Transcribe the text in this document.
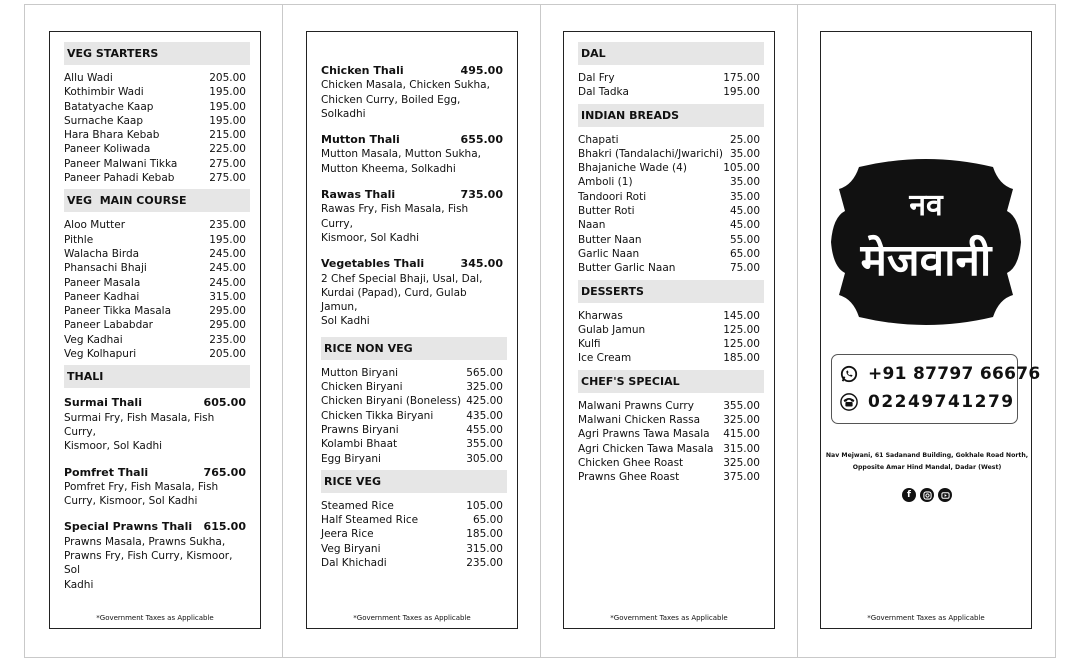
VEG STARTERS
Allu Wadi	205.00
Kothimbir Wadi	195.00
Batatyache Kaap	195.00
Surnache Kaap	195.00
Hara Bhara Kebab	215.00
Paneer Koliwada	225.00
Paneer Malwani Tikka	275.00
Paneer Pahadi Kebab	275.00
VEG  MAIN COURSE
Aloo Mutter	235.00
Pithle	195.00
Walacha Birda	245.00
Phansachi Bhaji	245.00
Paneer Masala	245.00
Paneer Kadhai	315.00
Paneer Tikka Masala	295.00
Paneer Lababdar	295.00
Veg Kadhai	235.00
Veg Kolhapuri	205.00
THALI
Surmai Thali	605.00
Surmai Fry, Fish Masala, Fish Curry,
Kismoor, Sol Kadhi
Pomfret Thali	765.00
Pomfret Fry, Fish Masala, Fish
Curry, Kismoor, Sol Kadhi
Special Prawns Thali 615.00
Prawns Masala, Prawns Sukha,
Prawns Fry, Fish Curry, Kismoor, Sol
Kadhi
*Government Taxes as Applicable
Chicken Thali	495.00
Chicken Masala, Chicken Sukha,
Chicken Curry, Boiled Egg, Solkadhi
Mutton Thali	655.00
Mutton Masala, Mutton Sukha,
Mutton Kheema, Solkadhi
Rawas Thali	735.00
Rawas Fry, Fish Masala, Fish Curry,
Kismoor, Sol Kadhi
Vegetables Thali	345.00
2 Chef Special Bhaji, Usal, Dal,
Kurdai (Papad), Curd, Gulab Jamun,
Sol Kadhi
RICE NON VEG
Mutton Biryani	565.00
Chicken Biryani	325.00
Chicken Biryani (Boneless) 425.00
Chicken Tikka Biryani	435.00
Prawns Biryani	455.00
Kolambi Bhaat	355.00
Egg Biryani	305.00
RICE VEG
Steamed Rice	105.00
Half Steamed Rice	65.00
Jeera Rice	185.00
Veg Biryani	315.00
Dal Khichadi	235.00
*Government Taxes as Applicable
DAL
Dal Fry	175.00
Dal Tadka	195.00
INDIAN BREADS
Chapati	25.00
Bhakri (Tandalachi/Jwarichi) 35.00
Bhajaniche Wade (4)	105.00
Amboli (1)	35.00
Tandoori Roti	35.00
Butter Roti	45.00
Naan	45.00
Butter Naan	55.00
Garlic Naan	65.00
Butter Garlic Naan	75.00
DESSERTS
Kharwas	145.00
Gulab Jamun	125.00
Kulfi	125.00
Ice Cream	185.00
CHEF'S SPECIAL
Malwani Prawns Curry	355.00
Malwani Chicken Rassa 325.00
Agri Prawns Tawa Masala 415.00
Agri Chicken Tawa Masala 315.00
Chicken Ghee Roast	325.00
Prawns Ghee Roast	375.00
*Government Taxes as Applicable
नव
मेजवानी
+91 87797 66676
02249741279
Nav Mejwani, 61 Sadanand Building, Gokhale Road North,
Opposite Amar Hind Mandal, Dadar (West)
f
*Government Taxes as Applicable
